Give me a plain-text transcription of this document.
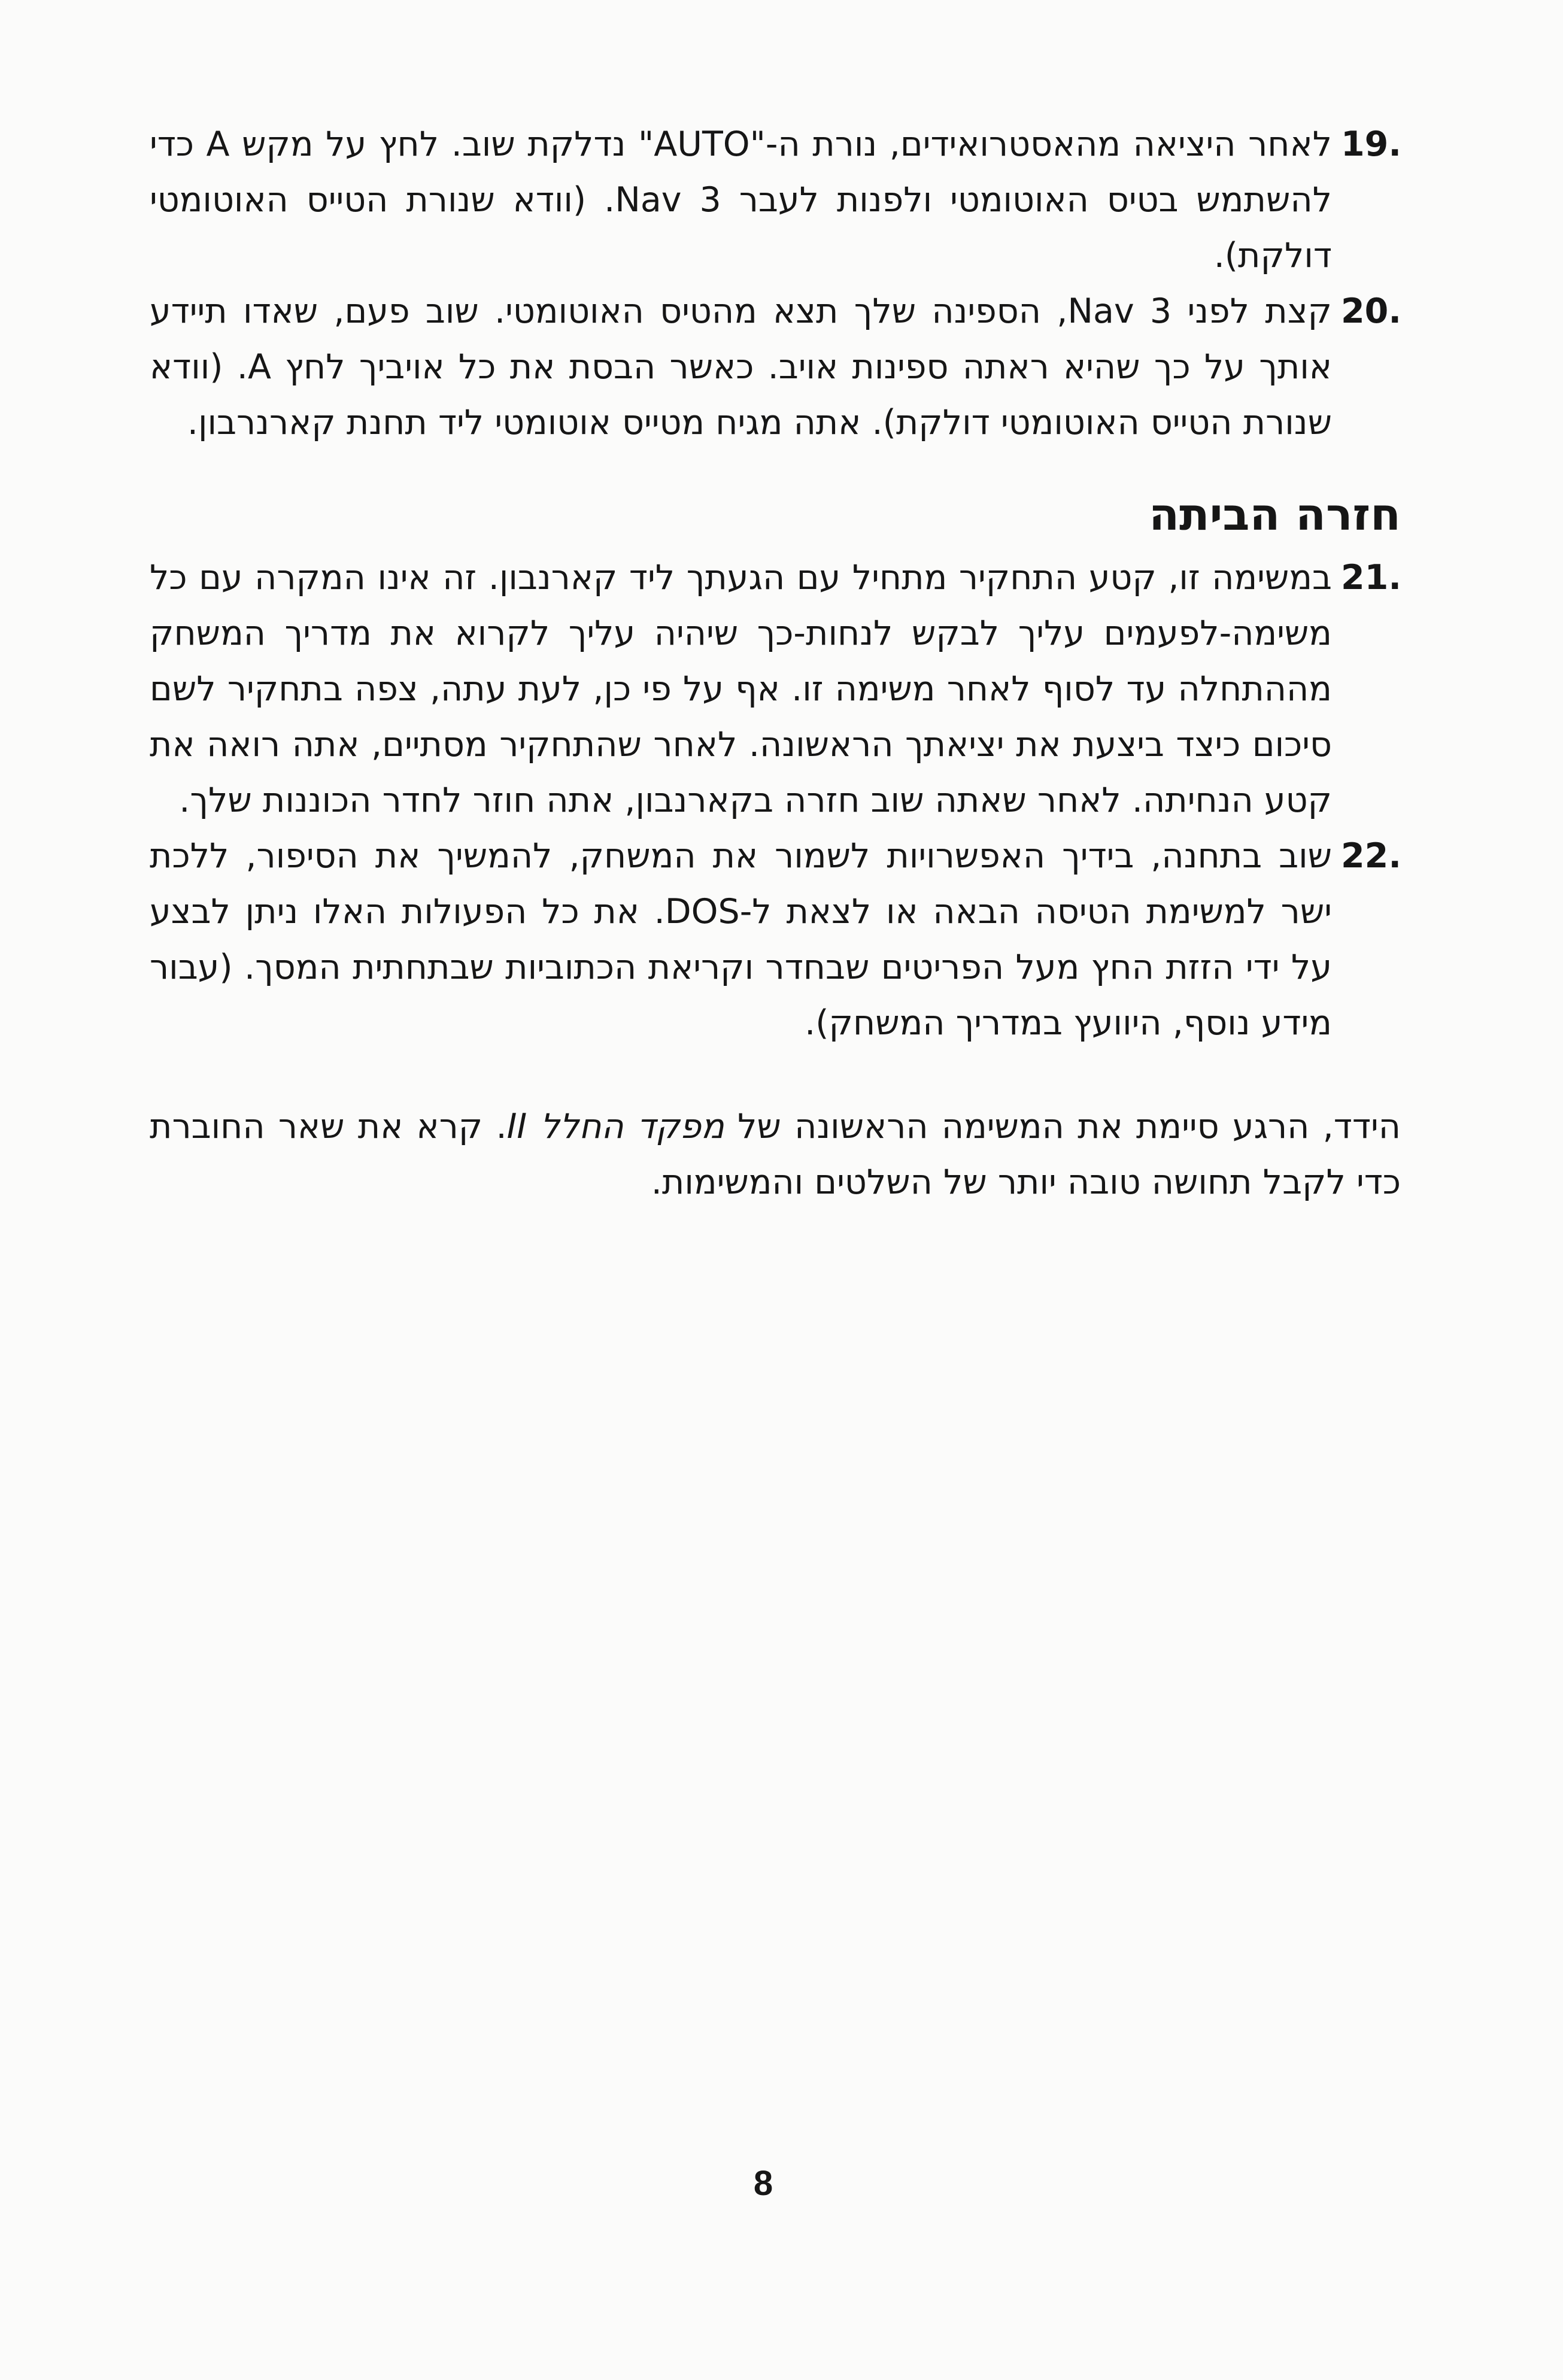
19.
לאחר היציאה מהאסטרואידים, נורת ה-"AUTO" נדלקת שוב. לחץ על מקש A כדי להשתמש בטיס האוטומטי ולפנות לעבר Nav 3. (וודא שנורת הטייס האוטומטי דולקת).
20.
קצת לפני Nav 3, הספינה שלך תצא מהטיס האוטומטי. שוב פעם, שאדו תיידע אותך על כך שהיא ראתה ספינות אויב. כאשר הבסת את כל אויביך לחץ A. (וודא שנורת הטייס האוטומטי דולקת). אתה מגיח מטייס אוטומטי ליד תחנת קארנרבון.
חזרה הביתה
21.
במשימה זו, קטע התחקיר מתחיל עם הגעתך ליד קארנבון. זה אינו המקרה עם כל משימה-לפעמים עליך לבקש לנחות-כך שיהיה עליך לקרוא את מדריך המשחק מההתחלה עד לסוף לאחר משימה זו. אף על פי כן, לעת עתה, צפה בתחקיר לשם סיכום כיצד ביצעת את יציאתך הראשונה. לאחר שהתחקיר מסתיים, אתה רואה את קטע הנחיתה. לאחר שאתה שוב חזרה בקארנבון, אתה חוזר לחדר הכוננות שלך.
22.
שוב בתחנה, בידיך האפשרויות לשמור את המשחק, להמשיך את הסיפור, ללכת ישר למשימת הטיסה הבאה או לצאת ל-DOS. את כל הפעולות האלו ניתן לבצע על ידי הזזת החץ מעל הפריטים שבחדר וקריאת הכתוביות שבתחתית המסך. (עבור מידע נוסף, היוועץ במדריך המשחק).
הידד, הרגע סיימת את המשימה הראשונה של מפקד החלל II. קרא את שאר החוברת כדי לקבל תחושה טובה יותר של השלטים והמשימות.
8
